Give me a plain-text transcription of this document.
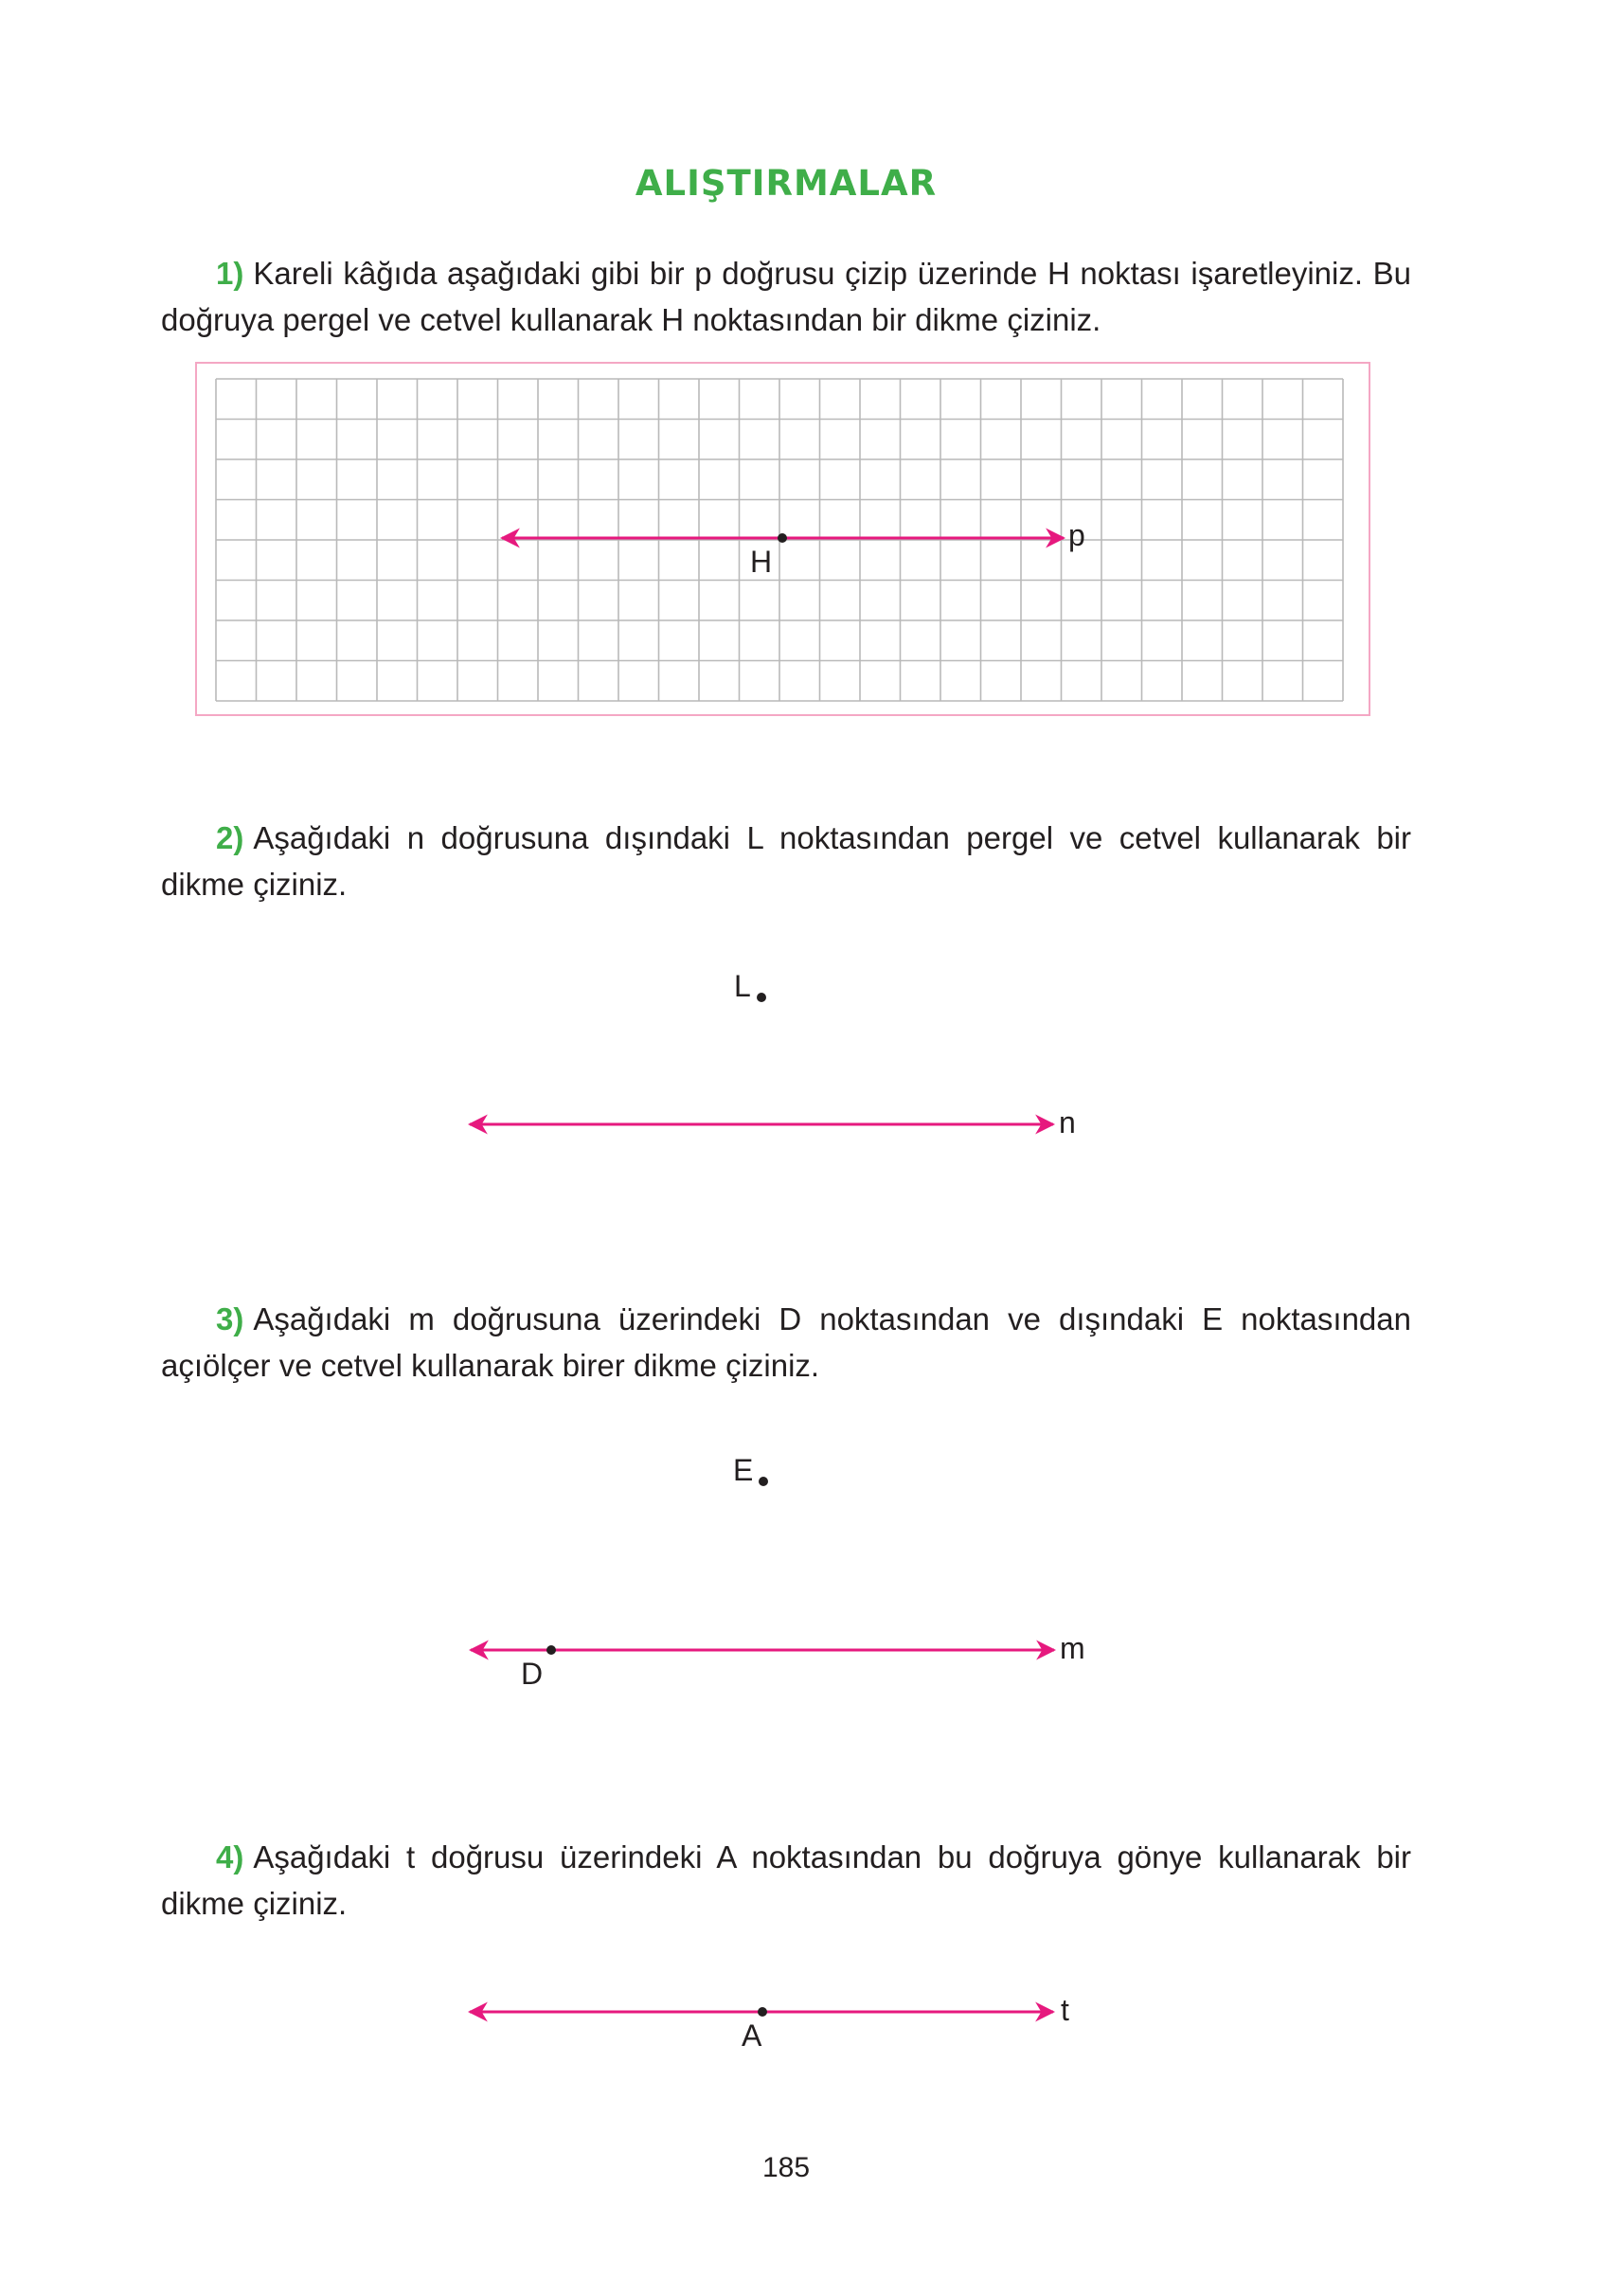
ALIŞTIRMALAR
1) Kareli kâğıda aşağıdaki gibi bir p doğrusu çizip üzerinde H noktası işaretleyiniz. Bu doğruya pergel ve cetvel kullanarak H noktasından bir dikme çiziniz.
2) Aşağıdaki n doğrusuna dışındaki L noktasından pergel ve cetvel kullanarak bir dikme çiziniz.
3) Aşağıdaki m doğrusuna üzerindeki D noktasından ve dışındaki E noktasından açıölçer ve cetvel kullanarak birer dikme çiziniz.
4) Aşağıdaki t doğrusu üzerindeki A noktasından bu doğruya gönye kullanarak bir dikme çiziniz.
H
p
L
n
E
D
m
A
t
185
